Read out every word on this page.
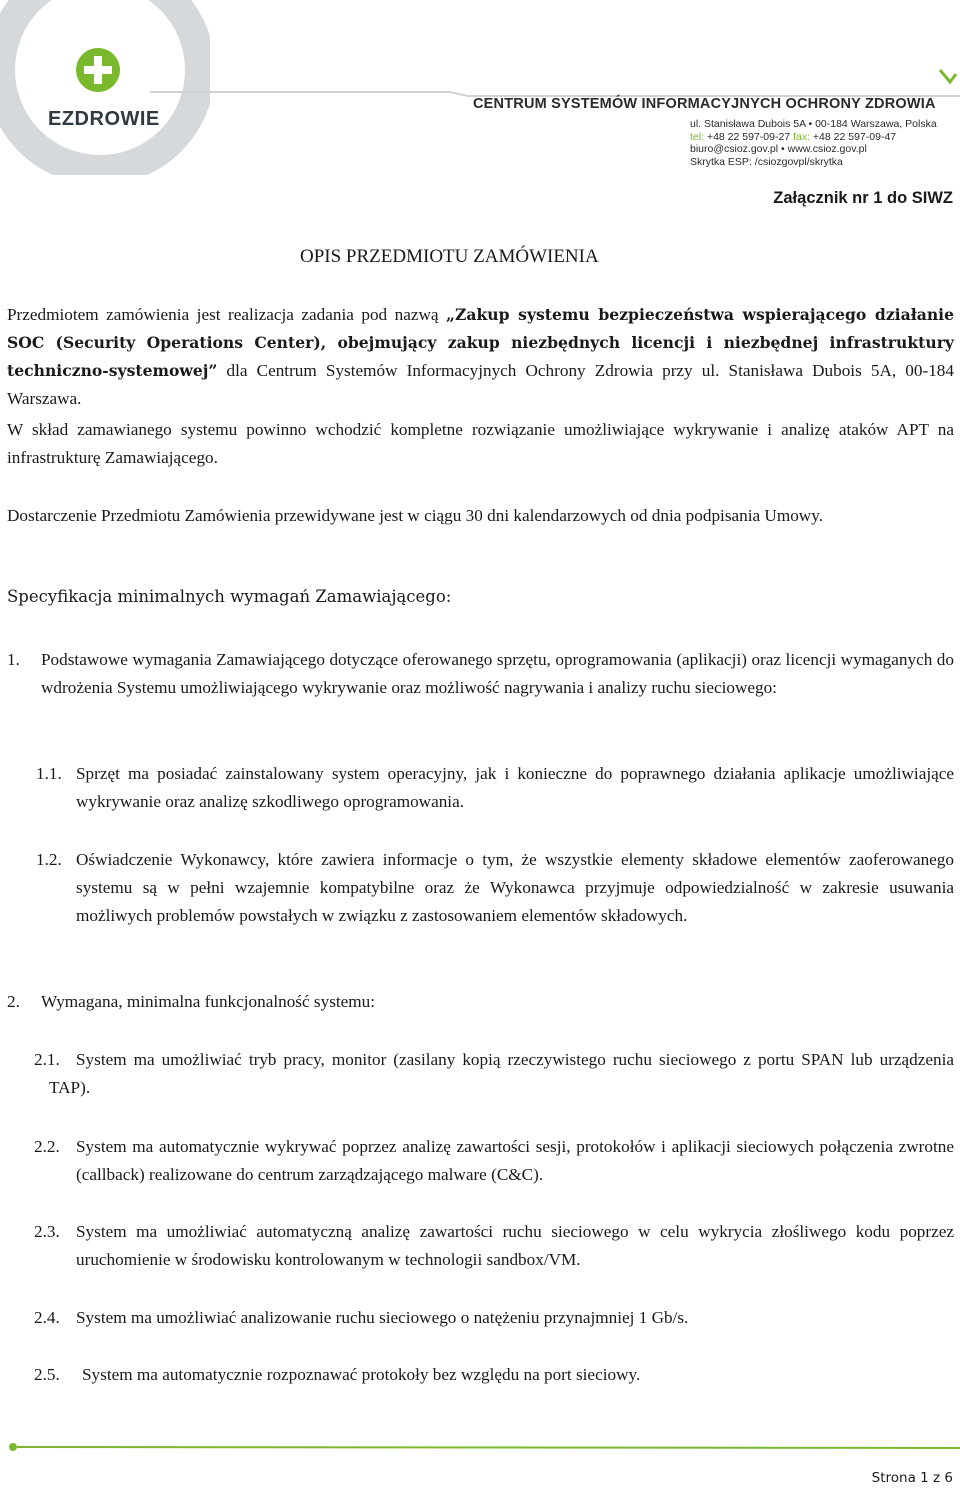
EZDROWIE
CENTRUM SYSTEMÓW INFORMACYJNYCH OCHRONY ZDROWIA
ul. Stanisława Dubois 5A • 00-184 Warszawa, Polska
tel: +48 22 597-09-27 fax: +48 22 597-09-47
biuro@csioz.gov.pl • www.csioz.gov.pl
Skrytka ESP: /csiozgovpl/skrytka
Załącznik nr 1 do SIWZ
OPIS PRZEDMIOTU ZAMÓWIENIA
Przedmiotem zamówienia jest realizacja zadania pod nazwą „Zakup systemu bezpieczeństwa wspierającego działanie SOC (Security Operations Center), obejmujący zakup niezbędnych licencji i niezbędnej infrastruktury techniczno-systemowej” dla Centrum Systemów Informacyjnych Ochrony Zdrowia przy ul. Stanisława Dubois 5A, 00-184 Warszawa.
W skład zamawianego systemu powinno wchodzić kompletne rozwiązanie umożliwiające wykrywanie i analizę ataków APT na infrastrukturę Zamawiającego.
Dostarczenie Przedmiotu Zamówienia przewidywane jest w ciągu 30 dni kalendarzowych od dnia podpisania Umowy.
Specyfikacja minimalnych wymagań Zamawiającego:
1. Podstawowe wymagania Zamawiającego dotyczące oferowanego sprzętu, oprogramowania (aplikacji) oraz licencji wymaganych do wdrożenia Systemu umożliwiającego wykrywanie oraz możliwość nagrywania i analizy ruchu sieciowego:
1.1. Sprzęt ma posiadać zainstalowany system operacyjny, jak i konieczne do poprawnego działania aplikacje umożliwiające wykrywanie oraz analizę szkodliwego oprogramowania.
1.2. Oświadczenie Wykonawcy, które zawiera informacje o tym, że wszystkie elementy składowe elementów zaoferowanego systemu są w pełni wzajemnie kompatybilne oraz że Wykonawca przyjmuje odpowiedzialność w zakresie usuwania możliwych problemów powstałych w związku z zastosowaniem elementów składowych.
2. Wymagana, minimalna funkcjonalność systemu:
2.1. System ma umożliwiać tryb pracy, monitor (zasilany kopią rzeczywistego ruchu sieciowego z portu SPAN lub urządzenia TAP).
2.2. System ma automatycznie wykrywać poprzez analizę zawartości sesji, protokołów i aplikacji sieciowych połączenia zwrotne (callback) realizowane do centrum zarządzającego malware (C&C).
2.3. System ma umożliwiać automatyczną analizę zawartości ruchu sieciowego w celu wykrycia złośliwego kodu poprzez uruchomienie w środowisku kontrolowanym w technologii sandbox/VM.
2.4. System ma umożliwiać analizowanie ruchu sieciowego o natężeniu przynajmniej 1 Gb/s.
2.5. System ma automatycznie rozpoznawać protokoły bez względu na port sieciowy.
Strona 1 z 6
